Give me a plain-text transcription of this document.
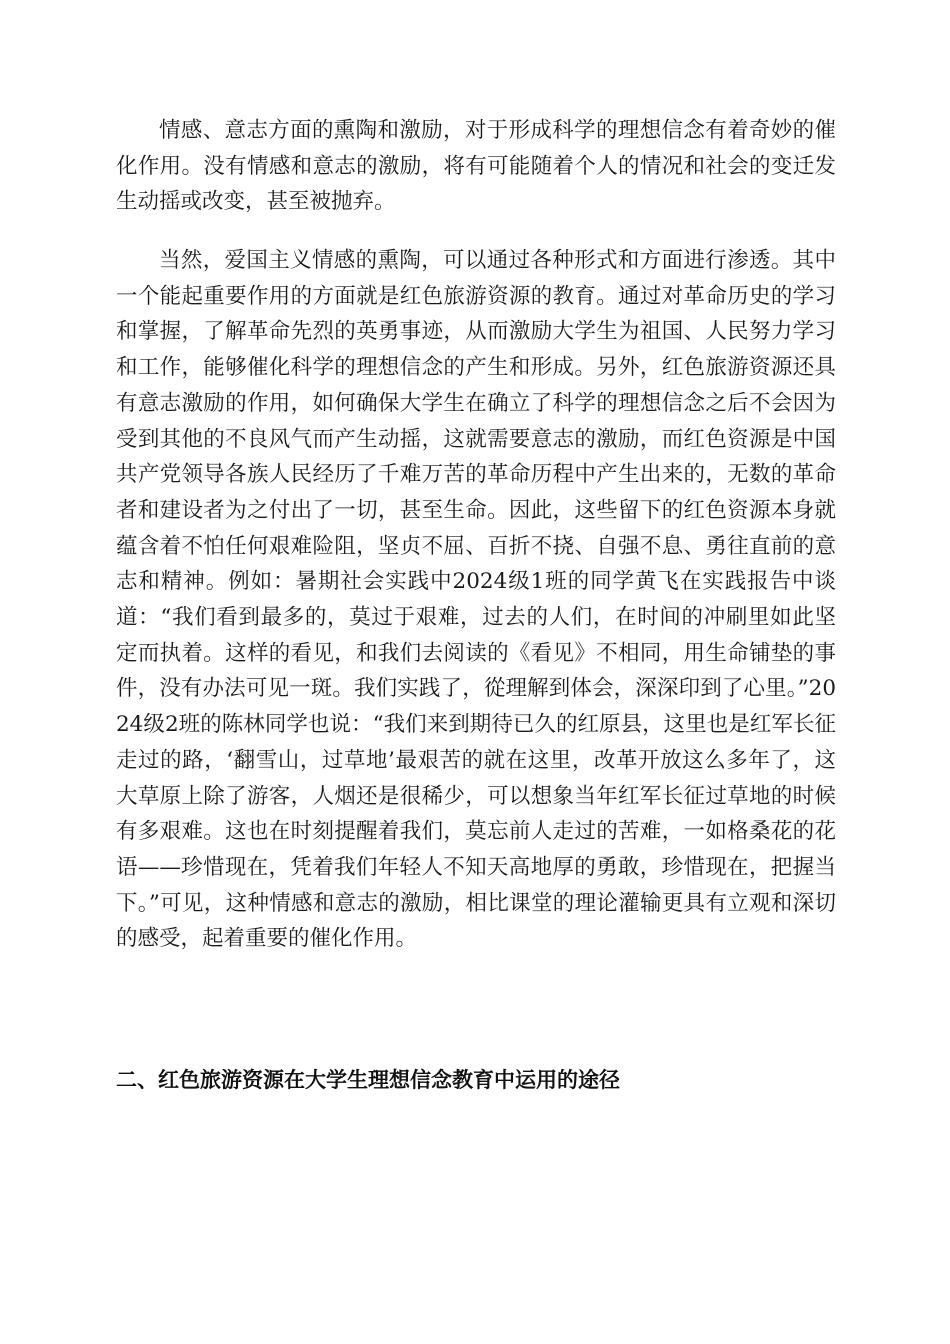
情感、意志方面的熏陶和激励，对于形成科学的理想信念有着奇妙的催化作用。没有情感和意志的激励，将有可能随着个人的情况和社会的变迁发生动摇或改变，甚至被抛弃。

当然，爱国主义情感的熏陶，可以通过各种形式和方面进行渗透。其中一个能起重要作用的方面就是红色旅游资源的教育。通过对革命历史的学习和掌握，了解革命先烈的英勇事迹，从而激励大学生为祖国、人民努力学习和工作，能够催化科学的理想信念的产生和形成。另外，红色旅游资源还具有意志激励的作用，如何确保大学生在确立了科学的理想信念之后不会因为受到其他的不良风气而产生动摇，这就需要意志的激励，而红色资源是中国共产党领导各族人民经历了千难万苦的革命历程中产生出来的，无数的革命者和建设者为之付出了一切，甚至生命。因此，这些留下的红色资源本身就蕴含着不怕任何艰难险阻，坚贞不屈、百折不挠、自强不息、勇往直前的意志和精神。例如：暑期社会实践中2024级1班的同学黄飞在实践报告中谈道：“我们看到最多的，莫过于艰难，过去的人们，在时间的冲刷里如此坚定而执着。这样的看见，和我们去阅读的《看见》不相同，用生命铺垫的事件，没有办法可见一斑。我们实践了，從理解到体会，深深印到了心里。”2024级2班的陈林同学也说：“我们来到期待已久的红原县，这里也是红军长征走过的路，‘翻雪山，过草地’最艰苦的就在这里，改革开放这么多年了，这大草原上除了游客，人烟还是很稀少，可以想象当年红军长征过草地的时候有多艰难。这也在时刻提醒着我们，莫忘前人走过的苦难，一如格桑花的花语——珍惜现在，凭着我们年轻人不知天高地厚的勇敢，珍惜现在，把握当下。”可见，这种情感和意志的激励，相比课堂的理论灌输更具有立观和深切的感受，起着重要的催化作用。

二、红色旅游资源在大学生理想信念教育中运用的途径
